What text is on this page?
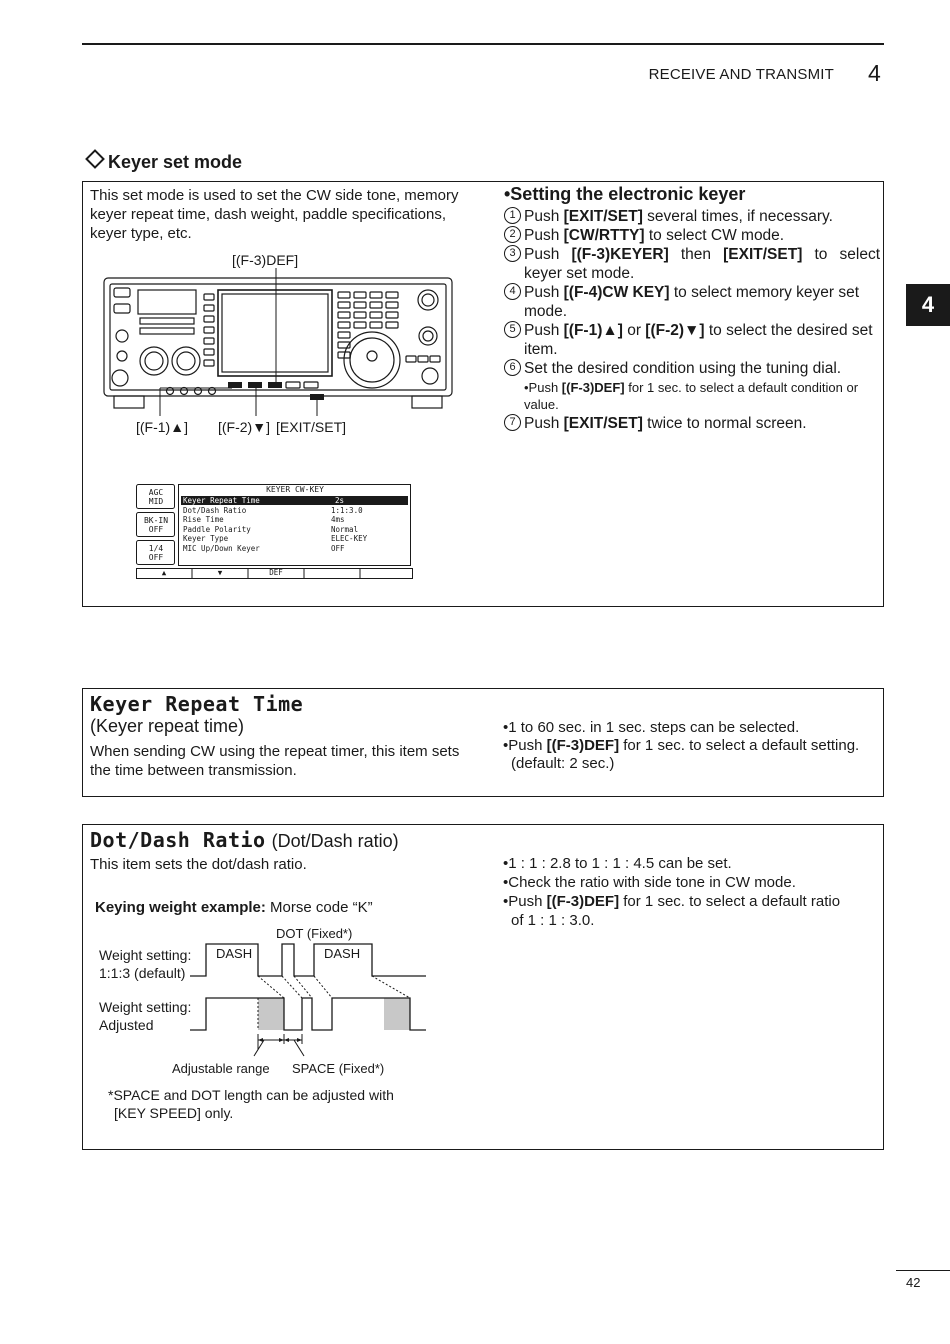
RECEIVE AND TRANSMIT 4
4
Keyer set mode
This set mode is used to set the CW side tone, memory keyer repeat time, dash weight, paddle specifications, keyer type, etc.
[(F-3)DEF]
[(F-1)▲] [(F-2)▼] [EXIT/SET]
AGC
MID
BK-IN
OFF
1/4
OFF
KEYER CW-KEY
Keyer Repeat Time	2s
Dot/Dash Ratio	1:1:3.0
Rise Time	4ms
Paddle Polarity	Normal
Keyer Type	ELEC-KEY
MIC Up/Down Keyer	OFF
▲	▼	DEF
•Setting the electronic keyer
1 Push [EXIT/SET] several times, if necessary.
2 Push [CW/RTTY] to select CW mode.
3 Push [(F-3)KEYER] then [EXIT/SET] to select keyer set mode.
4 Push [(F-4)CW KEY] to select memory keyer set mode.
5 Push [(F-1)▲] or [(F-2)▼] to select the desired set item.
6 Set the desired condition using the tuning dial.
•Push [(F-3)DEF] for 1 sec. to select a default condition or value.
7 Push [EXIT/SET] twice to normal screen.
Keyer Repeat Time
(Keyer repeat time)
When sending CW using the repeat timer, this item sets the time between transmission.
•1 to 60 sec. in 1 sec. steps can be selected.
•Push [(F-3)DEF] for 1 sec. to select a default setting.
(default: 2 sec.)
Dot/Dash Ratio (Dot/Dash ratio)
This item sets the dot/dash ratio.
Keying weight example: Morse code “K”
DOT (Fixed*)
Weight setting:
1:1:3 (default)
Weight setting:
Adjusted
DASH	DASH
Adjustable range SPACE (Fixed*)
*SPACE and DOT length can be adjusted with
[KEY SPEED] only.
•1 : 1 : 2.8 to 1 : 1 : 4.5 can be set.
•Check the ratio with side tone in CW mode.
•Push [(F-3)DEF] for 1 sec. to select a default ratio
of 1 : 1 : 3.0.
42
